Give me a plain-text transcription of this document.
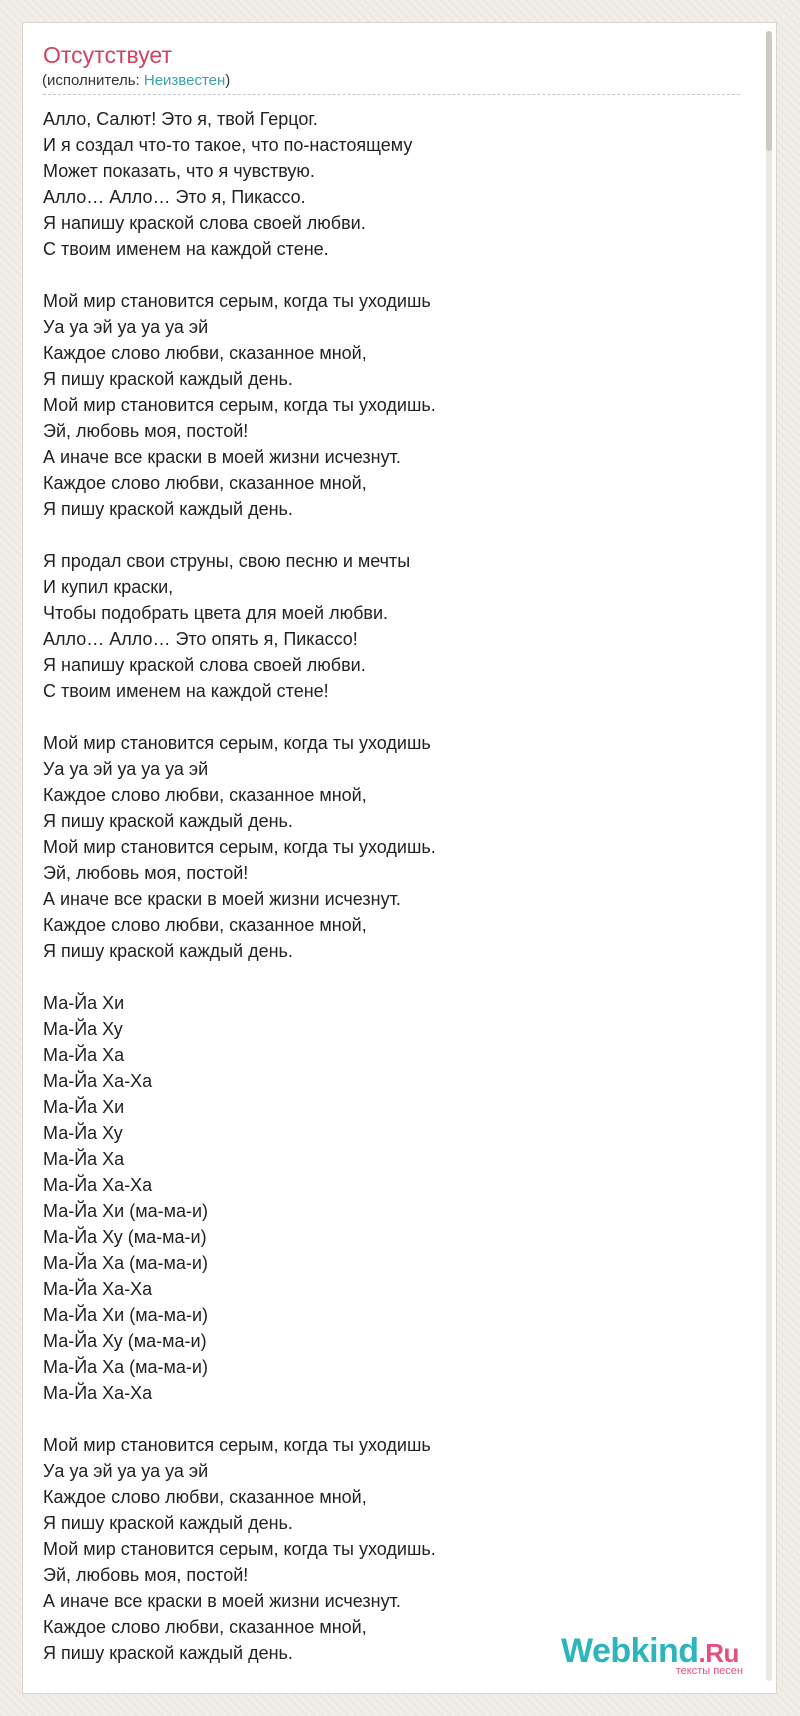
Отсутствует
(исполнитель: Неизвестен)
Алло, Салют! Это я, твой Герцог.
И я создал что-то такое, что по-настоящему
Может показать, что я чувствую.
Алло… Алло… Это я, Пикассо.
Я напишу краской слова своей любви.
С твоим именем на каждой стене.
Мой мир становится серым, когда ты уходишь
Уа уа эй уа уа уа эй
Каждое слово любви, сказанное мной,
Я пишу краской каждый день.
Мой мир становится серым, когда ты уходишь.
Эй, любовь моя, постой!
А иначе все краски в моей жизни исчезнут.
Каждое слово любви, сказанное мной,
Я пишу краской каждый день.
Я продал свои струны, свою песню и мечты
И купил краски,
Чтобы подобрать цвета для моей любви.
Алло… Алло… Это опять я, Пикассо!
Я напишу краской слова своей любви.
С твоим именем на каждой стене!
Мой мир становится серым, когда ты уходишь
Уа уа эй уа уа уа эй
Каждое слово любви, сказанное мной,
Я пишу краской каждый день.
Мой мир становится серым, когда ты уходишь.
Эй, любовь моя, постой!
А иначе все краски в моей жизни исчезнут.
Каждое слово любви, сказанное мной,
Я пишу краской каждый день.
Ма-Йа Хи
Ма-Йа Ху
Ма-Йа Ха
Ма-Йа Ха-Ха
Ма-Йа Хи
Ма-Йа Ху
Ма-Йа Ха
Ма-Йа Ха-Ха
Ма-Йа Хи (ма-ма-и)
Ма-Йа Ху (ма-ма-и)
Ма-Йа Ха (ма-ма-и)
Ма-Йа Ха-Ха
Ма-Йа Хи (ма-ма-и)
Ма-Йа Ху (ма-ма-и)
Ма-Йа Ха (ма-ма-и)
Ма-Йа Ха-Ха
Мой мир становится серым, когда ты уходишь
Уа уа эй уа уа уа эй
Каждое слово любви, сказанное мной,
Я пишу краской каждый день.
Мой мир становится серым, когда ты уходишь.
Эй, любовь моя, постой!
А иначе все краски в моей жизни исчезнут.
Каждое слово любви, сказанное мной,
Я пишу краской каждый день.	Webkind.Ru
тексты песен
